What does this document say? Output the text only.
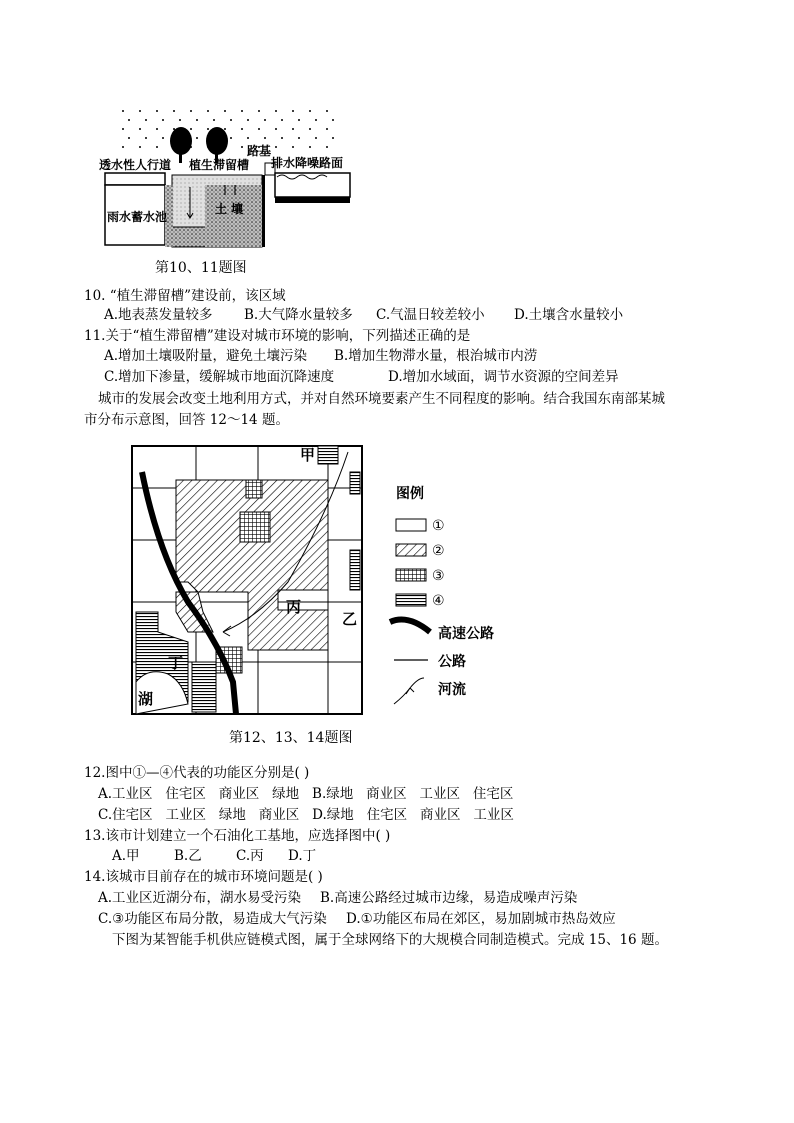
透水性人行道 植生滞留槽
路基
排水降噪路面
雨水蓄水池
土 壤
第10、11题图
10. “植生滞留槽”建设前，该区域
A.地表蒸发量较多 B.大气降水量较多 C.气温日较差较小 D.土壤含水量较小
11.关于“植生滞留槽”建设对城市环境的影响，下列描述正确的是
A.增加土壤吸附量，避免土壤污染 B.增加生物滞水量，根治城市内涝
C.增加下渗量，缓解城市地面沉降速度	D.增加水域面，调节水资源的空间差异
城市的发展会改变土地利用方式，并对自然环境要素产生不同程度的影响。结合我国东南部某城
市分布示意图，回答 12～14 题。
甲
丙
乙
丁
湖
图例
①
②
③
④
高速公路
公路
河流
第12、13、14题图
12.图中①—④代表的功能区分别是( )
A.工业区   住宅区   商业区   绿地   B.绿地   商业区   工业区   住宅区
C.住宅区   工业区   绿地   商业区   D.绿地   住宅区   商业区   工业区
13.该市计划建立一个石油化工基地，应选择图中( )
A.甲	B.乙	C.丙 D.丁
14.该城市目前存在的城市环境问题是( )
A.工业区近湖分布，湖水易受污染 B.高速公路经过城市边缘，易造成噪声污染
C.③功能区布局分散，易造成大气污染 D.①功能区布局在郊区，易加剧城市热岛效应
下图为某智能手机供应链模式图，属于全球网络下的大规模合同制造模式。完成 15、16 题。
